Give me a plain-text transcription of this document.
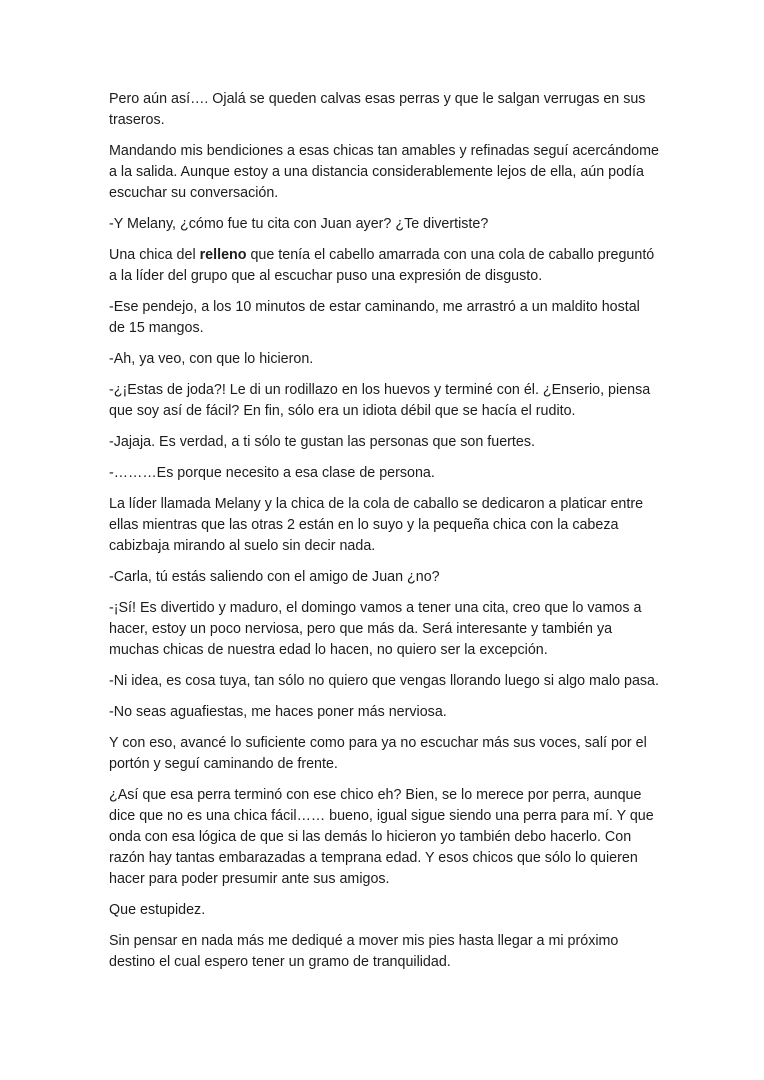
Pero aún así…. Ojalá se queden calvas esas perras y que le salgan verrugas en sus traseros.

Mandando mis bendiciones a esas chicas tan amables y refinadas seguí acercándome a la salida. Aunque estoy a una distancia considerablemente lejos de ella, aún podía escuchar su conversación.

-Y Melany, ¿cómo fue tu cita con Juan ayer? ¿Te divertiste?

Una chica del relleno que tenía el cabello amarrada con una cola de caballo preguntó a la líder del grupo que al escuchar puso una expresión de disgusto.

-Ese pendejo, a los 10 minutos de estar caminando, me arrastró a un maldito hostal de 15 mangos.

-Ah, ya veo, con que lo hicieron.

-¿¡Estas de joda?! Le di un rodillazo en los huevos y terminé con él. ¿Enserio, piensa que soy así de fácil? En fin, sólo era un idiota débil que se hacía el rudito.

-Jajaja. Es verdad, a ti sólo te gustan las personas que son fuertes.

-………Es porque necesito a esa clase de persona.

La líder llamada Melany y la chica de la cola de caballo se dedicaron a platicar entre ellas mientras que las otras 2 están en lo suyo y la pequeña chica con la cabeza cabizbaja mirando al suelo sin decir nada.

-Carla, tú estás saliendo con el amigo de Juan ¿no?

-¡Sí! Es divertido y maduro, el domingo vamos a tener una cita, creo que lo vamos a hacer, estoy un poco nerviosa, pero que más da. Será interesante y también ya muchas chicas de nuestra edad lo hacen, no quiero ser la excepción.

-Ni idea, es cosa tuya, tan sólo no quiero que vengas llorando luego si algo malo pasa.

-No seas aguafiestas, me haces poner más nerviosa.

Y con eso, avancé lo suficiente como para ya no escuchar más sus voces, salí por el portón y seguí caminando de frente.

¿Así que esa perra terminó con ese chico eh? Bien, se lo merece por perra, aunque dice que no es una chica fácil…… bueno, igual sigue siendo una perra para mí. Y que onda con esa lógica de que si las demás lo hicieron yo también debo hacerlo. Con razón hay tantas embarazadas a temprana edad. Y esos chicos que sólo lo quieren hacer para poder presumir ante sus amigos.

Que estupidez.

Sin pensar en nada más me dediqué a mover mis pies hasta llegar a mi próximo destino el cual espero tener un gramo de tranquilidad.
